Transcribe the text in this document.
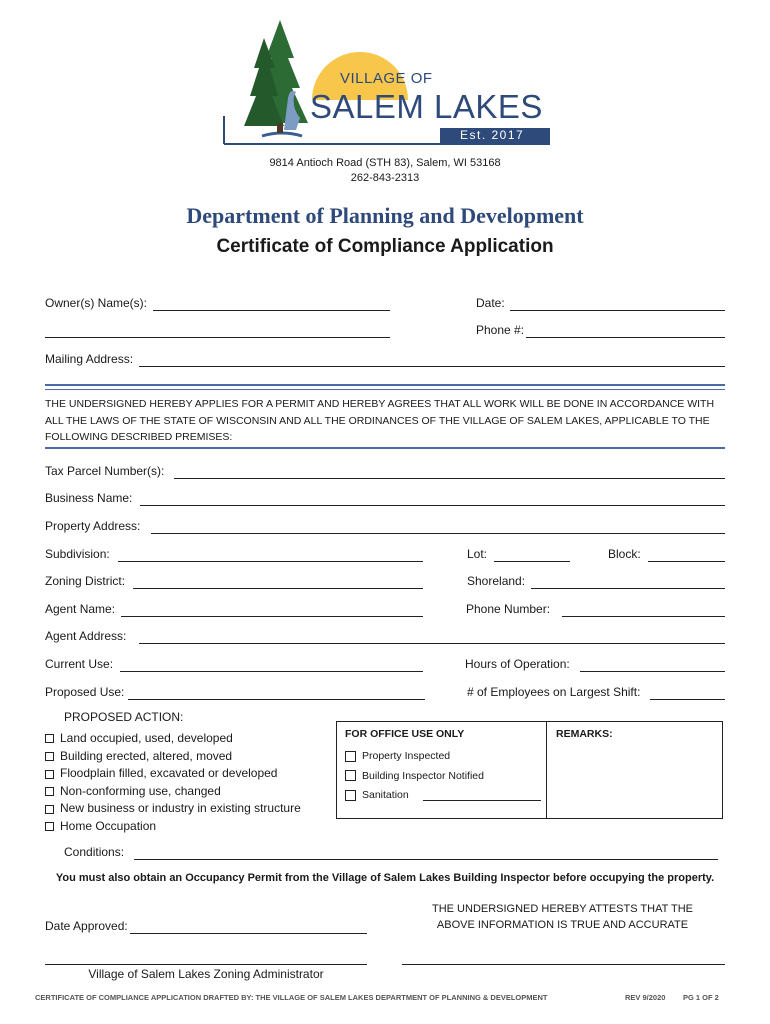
VILLAGE OF
SALEM LAKES
Est. 2017
9814 Antioch Road (STH 83), Salem, WI 53168
262-843-2313
Department of Planning and Development
Certificate of Compliance Application
Owner(s) Name(s):	Date:
Phone #:
Mailing Address:
THE UNDERSIGNED HEREBY APPLIES FOR A PERMIT AND HEREBY AGREES THAT ALL WORK WILL BE DONE IN ACCORDANCE WITH ALL THE LAWS OF THE STATE OF WISCONSIN AND ALL THE ORDINANCES OF THE VILLAGE OF SALEM LAKES, APPLICABLE TO THE FOLLOWING DESCRIBED PREMISES:
Tax Parcel Number(s):
Business Name:
Property Address:
Subdivision:	Lot:	Block:
Zoning District:	Shoreland:
Agent Name:	Phone Number:
Agent Address:
Current Use:	Hours of Operation:
Proposed Use:	# of Employees on Largest Shift:
PROPOSED ACTION:
Land occupied, used, developed
Building erected, altered, moved
Floodplain filled, excavated or developed
Non-conforming use, changed
New business or industry in existing structure
Home Occupation
FOR OFFICE USE ONLY	REMARKS:
Property Inspected
Building Inspector Notified
Sanitation
Conditions:
You must also obtain an Occupancy Permit from the Village of Salem Lakes Building Inspector before occupying the property.
Date Approved:
THE UNDERSIGNED HEREBY ATTESTS THAT THE
ABOVE INFORMATION IS TRUE AND ACCURATE
Village of Salem Lakes Zoning Administrator
CERTIFICATE OF COMPLIANCE APPLICATION DRAFTED BY: THE VILLAGE OF SALEM LAKES DEPARTMENT OF PLANNING & DEVELOPMENT	REV 9/2020 PG 1 OF 2
